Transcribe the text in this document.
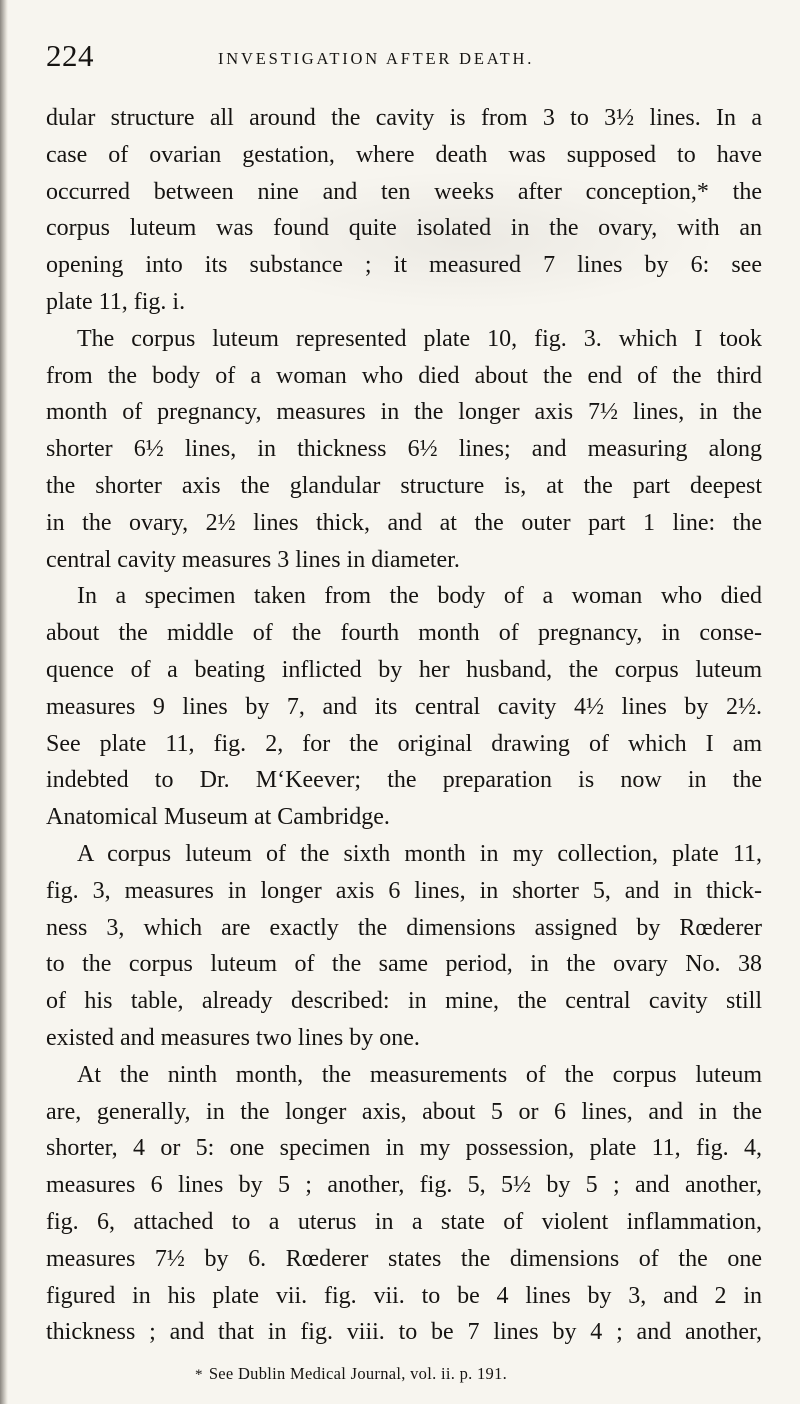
224	INVESTIGATION AFTER DEATH.
dular structure all around the cavity is from 3 to 3½ lines. In a
case of ovarian gestation, where death was supposed to have
occurred between nine and ten weeks after conception,* the
corpus luteum was found quite isolated in the ovary, with an
opening into its substance ; it measured 7 lines by 6: see
plate 11, fig. i.
The corpus luteum represented plate 10, fig. 3. which I took
from the body of a woman who died about the end of the third
month of pregnancy, measures in the longer axis 7½ lines, in the
shorter 6½ lines, in thickness 6½ lines; and measuring along
the shorter axis the glandular structure is, at the part deepest
in the ovary, 2½ lines thick, and at the outer part 1 line: the
central cavity measures 3 lines in diameter.
In a specimen taken from the body of a woman who died
about the middle of the fourth month of pregnancy, in conse-
quence of a beating inflicted by her husband, the corpus luteum
measures 9 lines by 7, and its central cavity 4½ lines by 2½.
See plate 11, fig. 2, for the original drawing of which I am
indebted to Dr. M‘Keever; the preparation is now in the
Anatomical Museum at Cambridge.
A corpus luteum of the sixth month in my collection, plate 11,
fig. 3, measures in longer axis 6 lines, in shorter 5, and in thick-
ness 3, which are exactly the dimensions assigned by Rœderer
to the corpus luteum of the same period, in the ovary No. 38
of his table, already described: in mine, the central cavity still
existed and measures two lines by one.
At the ninth month, the measurements of the corpus luteum
are, generally, in the longer axis, about 5 or 6 lines, and in the
shorter, 4 or 5: one specimen in my possession, plate 11, fig. 4,
measures 6 lines by 5 ; another, fig. 5, 5½ by 5 ; and another,
fig. 6, attached to a uterus in a state of violent inflammation,
measures 7½ by 6. Rœderer states the dimensions of the one
figured in his plate vii. fig. vii. to be 4 lines by 3, and 2 in
thickness ; and that in fig. viii. to be 7 lines by 4 ; and another,
* See Dublin Medical Journal, vol. ii. p. 191.
